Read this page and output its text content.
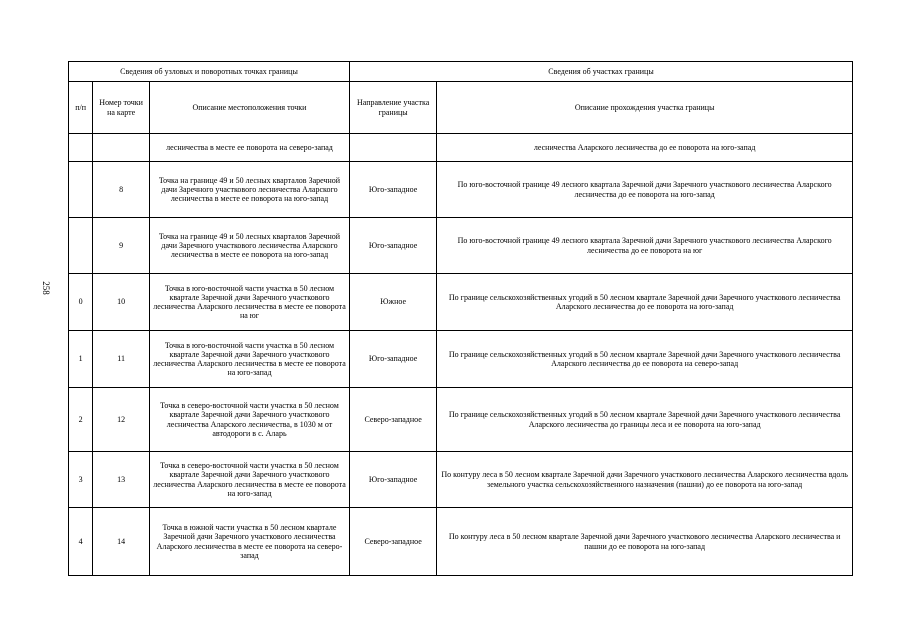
258
Сведения об узловых и поворотных точках границы			Сведения об участках границы	
п/п	Номер точки на карте	Описание местоположения точки	Направление участка границы	Описание прохождения участка границы
		лесничества в месте ее поворота на северо-запад		лесничества Аларского лесничества до ее поворота на юго-запад
	8	Точка на границе 49 и 50 лесных кварталов Заречной дачи Заречного участкового лесничества Аларского лесничества в месте ее поворота на юго-запад	Юго-западное	По юго-восточной границе 49 лесного квартала Заречной дачи Заречного участкового лесничества Аларского лесничества до ее поворота на юго-запад
	9	Точка на границе 49 и 50 лесных кварталов Заречной дачи Заречного участкового лесничества Аларского лесничества в месте ее поворота на юго-запад	Юго-западное	По юго-восточной границе 49 лесного квартала Заречной дачи Заречного участкового лесничества Аларского лесничества до ее поворота на юг
0	10	Точка в юго-восточной части участка в 50 лесном квартале Заречной дачи Заречного участкового лесничества Аларского лесничества в месте ее поворота на юг	Южное	По границе сельскохозяйственных угодий в 50 лесном квартале Заречной дачи Заречного участкового лесничества Аларского лесничества до ее поворота на юго-запад
1	11	Точка в юго-восточной части участка в 50 лесном квартале Заречной дачи Заречного участкового лесничества Аларского лесничества в месте ее поворота на юго-запад	Юго-западное	По границе сельскохозяйственных угодий в 50 лесном квартале Заречной дачи Заречного участкового лесничества Аларского лесничества до ее поворота на северо-запад
2	12	Точка в северо-восточной части участка в 50 лесном квартале Заречной дачи Заречного участкового лесничества Аларского лесничества, в 1030 м от автодороги в с. Аларь	Северо-западное	По границе сельскохозяйственных угодий в 50 лесном квартале Заречной дачи Заречного участкового лесничества Аларского лесничества до границы леса и ее поворота на юго-запад
3	13	Точка в северо-восточной части участка в 50 лесном квартале Заречной дачи Заречного участкового лесничества Аларского лесничества в месте ее поворота на юго-запад	Юго-западное	По контуру леса в 50 лесном квартале Заречной дачи Заречного участкового лесничества Аларского лесничества вдоль земельного участка сельскохозяйственного назначения (пашни) до ее поворота на юго-запад
4	14	Точка в южной части участка в 50 лесном квартале Заречной дачи Заречного участкового лесничества Аларского лесничества в месте ее поворота на северо-запад	Северо-западное	По контуру леса в 50 лесном квартале Заречной дачи Заречного участкового лесничества Аларского лесничества и пашни до ее поворота на юго-запад
